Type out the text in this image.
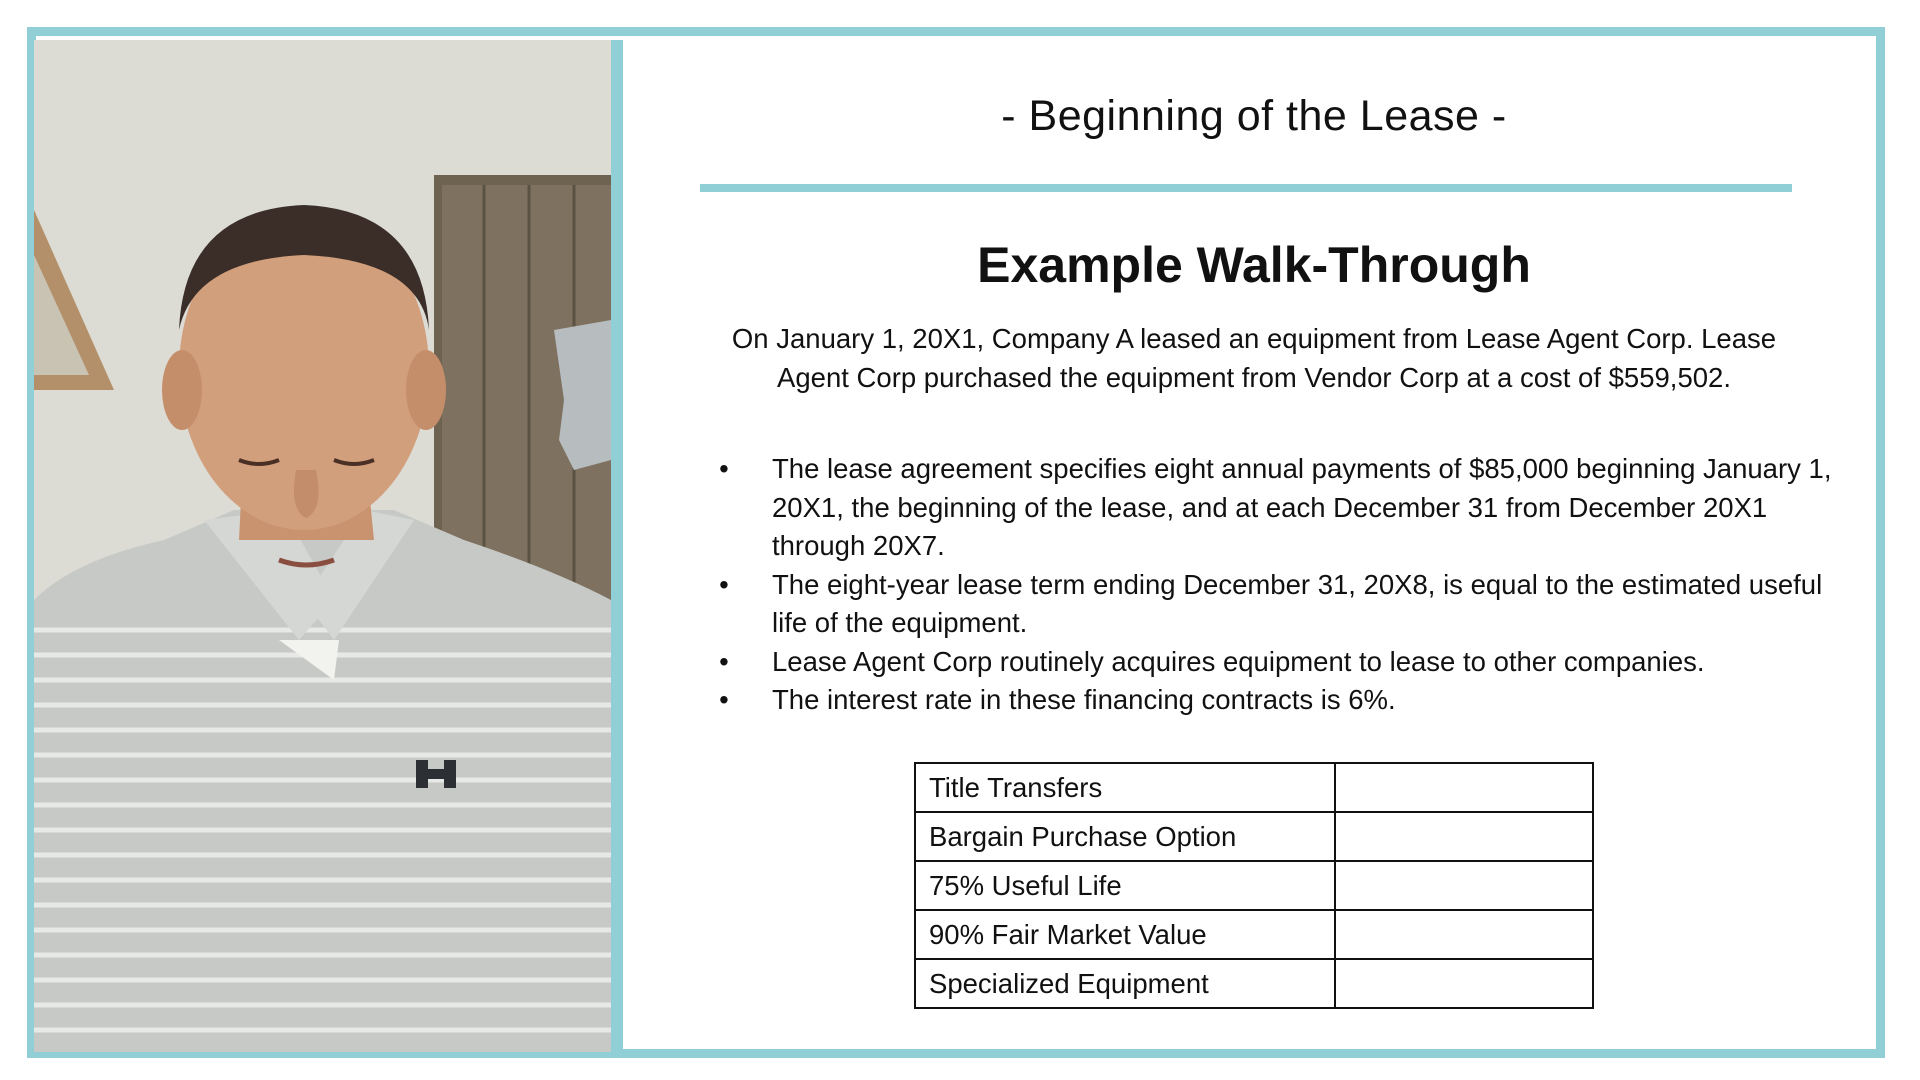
- Beginning of the Lease -
Example Walk-Through
On January 1, 20X1, Company A leased an equipment from Lease Agent Corp. Lease Agent Corp purchased the equipment from Vendor Corp at a cost of $559,502.
• The lease agreement specifies eight annual payments of $85,000 beginning January 1, 20X1, the beginning of the lease, and at each December 31 from December 20X1 through 20X7.
• The eight-year lease term ending December 31, 20X8, is equal to the estimated useful life of the equipment.
• Lease Agent Corp routinely acquires equipment to lease to other companies.
• The interest rate in these financing contracts is 6%.
Title Transfers	
Bargain Purchase Option	
75% Useful Life	
90% Fair Market Value	
Specialized Equipment	
